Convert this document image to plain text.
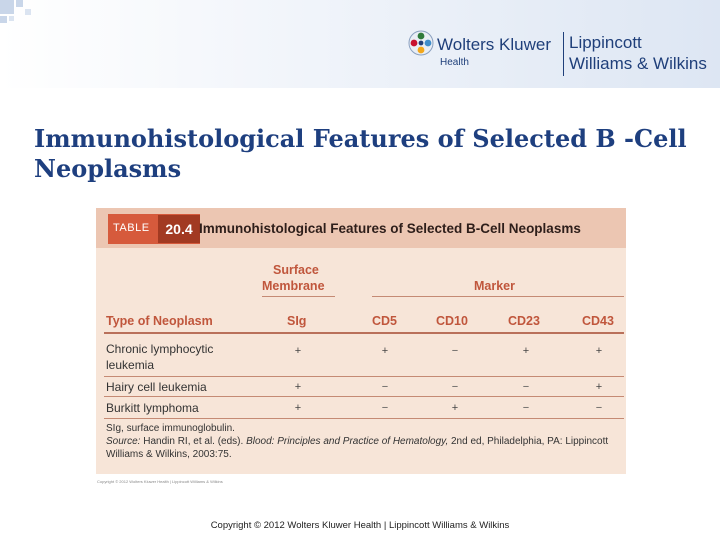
Wolters Kluwer
Health
Lippincott
Williams & Wilkins
Immunohistological Features of Selected B -Cell Neoplasms
TABLE	20.4 Immunohistological Features of Selected B-Cell Neoplasms
Surface
Membrane	Marker
Type of Neoplasm	SIg	CD5	CD10	CD23	CD43
Chronic lymphocytic
leukemia
+	+	−	+	+
Hairy cell leukemia	+	−	−	−	+
Burkitt lymphoma	+	−	+	−	−
SIg, surface immunoglobulin.
Source: Handin RI, et al. (eds). Blood: Principles and Practice of Hematology, 2nd ed, Philadelphia, PA: Lippincott
Williams & Wilkins, 2003:75.
Copyright © 2012 Wolters Kluwer Health | Lippincott Williams & Wilkins
Copyright © 2012 Wolters Kluwer Health | Lippincott Williams & Wilkins
